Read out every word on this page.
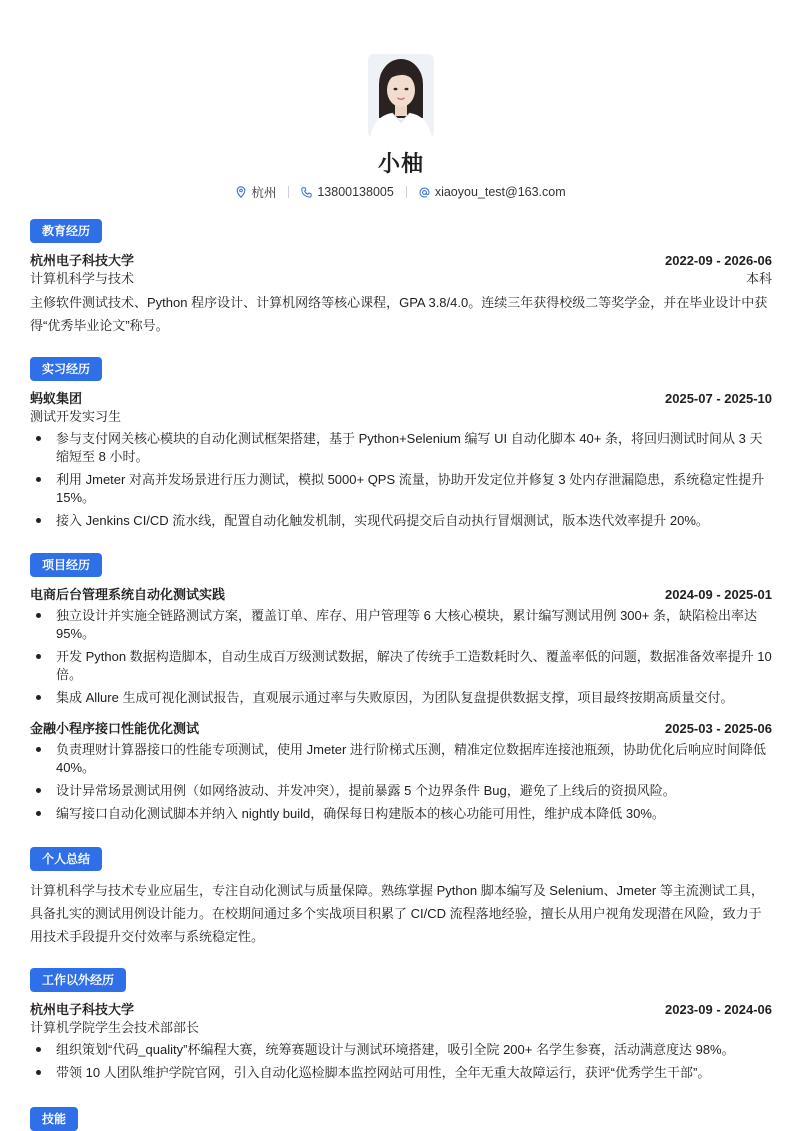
小柚
杭州	13800138005	xiaoyou_test@163.com
教育经历
杭州电子科技大学	2022-09 - 2026-06
计算机科学与技术	本科
主修软件测试技术、Python 程序设计、计算机网络等核心课程，GPA 3.8/4.0。连续三年获得校级二等奖学金，并在毕业设计中获得“优秀毕业论文”称号。
实习经历
蚂蚁集团	2025-07 - 2025-10
测试开发实习生
参与支付网关核心模块的自动化测试框架搭建，基于 Python+Selenium 编写 UI 自动化脚本 40+ 条，将回归测试时间从 3 天缩短至 8 小时。
利用 Jmeter 对高并发场景进行压力测试，模拟 5000+ QPS 流量，协助开发定位并修复 3 处内存泄漏隐患，系统稳定性提升 15%。
接入 Jenkins CI/CD 流水线，配置自动化触发机制，实现代码提交后自动执行冒烟测试，版本迭代效率提升 20%。
项目经历
电商后台管理系统自动化测试实践	2024-09 - 2025-01
独立设计并实施全链路测试方案，覆盖订单、库存、用户管理等 6 大核心模块，累计编写测试用例 300+ 条，缺陷检出率达 95%。
开发 Python 数据构造脚本，自动生成百万级测试数据，解决了传统手工造数耗时久、覆盖率低的问题，数据准备效率提升 10 倍。
集成 Allure 生成可视化测试报告，直观展示通过率与失败原因，为团队复盘提供数据支撑，项目最终按期高质量交付。
金融小程序接口性能优化测试	2025-03 - 2025-06
负责理财计算器接口的性能专项测试，使用 Jmeter 进行阶梯式压测，精准定位数据库连接池瓶颈，协助优化后响应时间降低 40%。
设计异常场景测试用例（如网络波动、并发冲突），提前暴露 5 个边界条件 Bug，避免了上线后的资损风险。
编写接口自动化测试脚本并纳入 nightly build，确保每日构建版本的核心功能可用性，维护成本降低 30%。
个人总结
计算机科学与技术专业应届生，专注自动化测试与质量保障。熟练掌握 Python 脚本编写及 Selenium、Jmeter 等主流测试工具，具备扎实的测试用例设计能力。在校期间通过多个实战项目积累了 CI/CD 流程落地经验，擅长从用户视角发现潜在风险，致力于用技术手段提升交付效率与系统稳定性。
工作以外经历
杭州电子科技大学	2023-09 - 2024-06
计算机学院学生会技术部部长
组织策划“代码_quality”杯编程大赛，统筹赛题设计与测试环境搭建，吸引全院 200+ 名学生参赛，活动满意度达 98%。
带领 10 人团队维护学院官网，引入自动化巡检脚本监控网站可用性，全年无重大故障运行，获评“优秀学生干部”。
技能
